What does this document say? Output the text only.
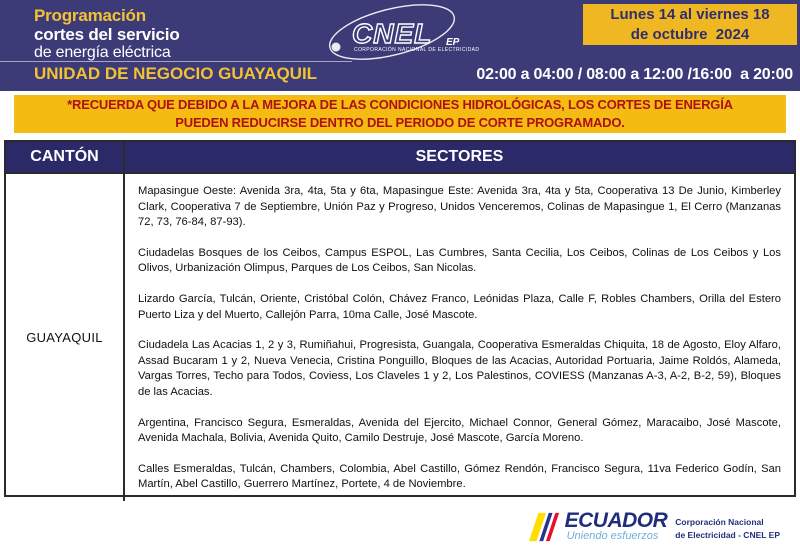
Programación
cortes del servicio
de energía eléctrica
UNIDAD DE NEGOCIO GUAYAQUIL
CNEL EP
CORPORACIÓN NACIONAL DE ELECTRICIDAD
Lunes 14 al viernes 18
de octubre  2024
02:00 a 04:00 / 08:00 a 12:00 /16:00  a 20:00
*RECUERDA QUE DEBIDO A LA MEJORA DE LAS CONDICIONES HIDROLÓGICAS, LOS CORTES DE ENERGÍA
PUEDEN REDUCIRSE DENTRO DEL PERIODO DE CORTE PROGRAMADO.
CANTÓN	SECTORES
GUAYAQUIL

Mapasingue Oeste: Avenida 3ra, 4ta, 5ta y 6ta, Mapasingue Este: Avenida 3ra, 4ta y 5ta, Cooperativa 13 De Junio, Kimberley Clark, Cooperativa 7 de Septiembre, Unión Paz y Progreso, Unidos Venceremos, Colinas de Mapasingue 1, El Cerro (Manzanas 72, 73, 76-84, 87-93).

Ciudadelas Bosques de los Ceibos, Campus ESPOL, Las Cumbres, Santa Cecilia, Los Ceibos, Colinas de Los Ceibos y Los Olivos, Urbanización Olimpus, Parques de Los Ceibos, San Nicolas.

Lizardo García, Tulcán, Oriente, Cristóbal Colón, Chávez Franco, Leónidas Plaza, Calle F, Robles Chambers, Orilla del Estero Puerto Liza y del Muerto, Callejón Parra, 10ma Calle, José Mascote.

Ciudadela Las Acacias 1, 2 y 3, Rumiñahui, Progresista, Guangala, Cooperativa Esmeraldas Chiquita, 18 de Agosto, Eloy Alfaro, Assad Bucaram 1 y 2, Nueva Venecia, Cristina Ponguillo, Bloques de las Acacias, Autoridad Portuaria, Jaime Roldós, Alameda, Vargas Torres, Techo para Todos, Coviess, Los Claveles 1 y 2, Los Palestinos, COVIESS (Manzanas A-3, A-2, B-2, 59), Bloques de las Acacias.

Argentina, Francisco Segura, Esmeraldas, Avenida del Ejercito, Michael Connor, General Gómez, Maracaibo, José Mascote, Avenida Machala, Bolivia, Avenida Quito, Camilo Destruje, José Mascote, García Moreno.

Calles Esmeraldas, Tulcán, Chambers, Colombia, Abel Castillo, Gómez Rendón, Francisco Segura, 11va Federico Godín, San Martín, Abel Castillo, Guerrero Martínez, Portete, 4 de Noviembre.

ECUADOR
Uniendo esfuerzos
Corporación Nacional
de Electricidad - CNEL EP
